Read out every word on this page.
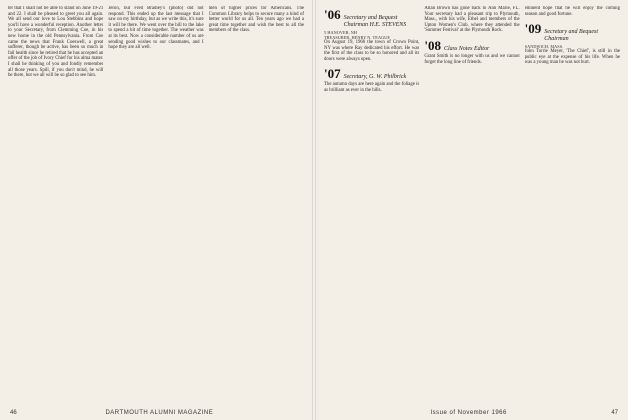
ter that I shall not be able to stand on June 19-21 and 22. I shall be pleased to greet you all again. We all send our love to Lou Stebbins and hope you'll have a wonderful reception. Another letter to your Secretary, from Clemming Coe, in his new home in the old Pennsylvania. From Coe came the news that Frank Coeswell, a great sufferer, though be active, has been so much in fail health since he retired that he has accepted an offer of the job of Ivory Chief for his alma mater. I shall he thinking of you and fondly remember all those years. Spill, if you don't mind, he will be there, but we all will be so glad to see him.

Jeron, but Fred Bradley's (photo) did not respond. This ended up the last message that I saw on my birthday, but as we write this, it's sure it will be there. We went over the hill to the lake to spend a bit of time together. The weather was at its best. Now a considerable number of us are sending good wishes to our classmates, and I hope they are all well.

men of higher prices for Americans. The Common Library helps to secure many a kind of better world for us all. Ten years ago we had a great time together and wish the best to all the members of the class.

46	DARTMOUTH ALUMNI MAGAZINE
'06 Secretary and Bequest Chairman H.E. STEVENS
5 HANOVER, NH
TREASURER, HENRY N. TEAGUE

On August 19, 1966 the town of Crown Point, NY was where Ray dedicated his effort. He was the first of the class to be so honored and all its doors were always open.

'07 Secretary, G. W. Philbrick

The autumn days are here again and the foliage is as brilliant as ever in the hills.

Allan Brown has gone back to Ann Marie, FL. Your secretary had a pleasant trip to Plymouth, Mass., with his wife, Ethel and members of the Upton Women's Club, where they attended the 'Summer Festival' at the Plymouth Rock.

'08 Class Notes Editor

Grant Smith is no longer with us and we cannot forget the long line of friends.

eminent hope that he will enjoy the coming season and good fortune.

'09 Secretary and Bequest Chairman
SANDWICH, MASS.

John Torrie Meyer, 'The Chief', is still in the public eye at the expense of his life. When he was a young man he was not hurt.

Issue of November 1966	47
